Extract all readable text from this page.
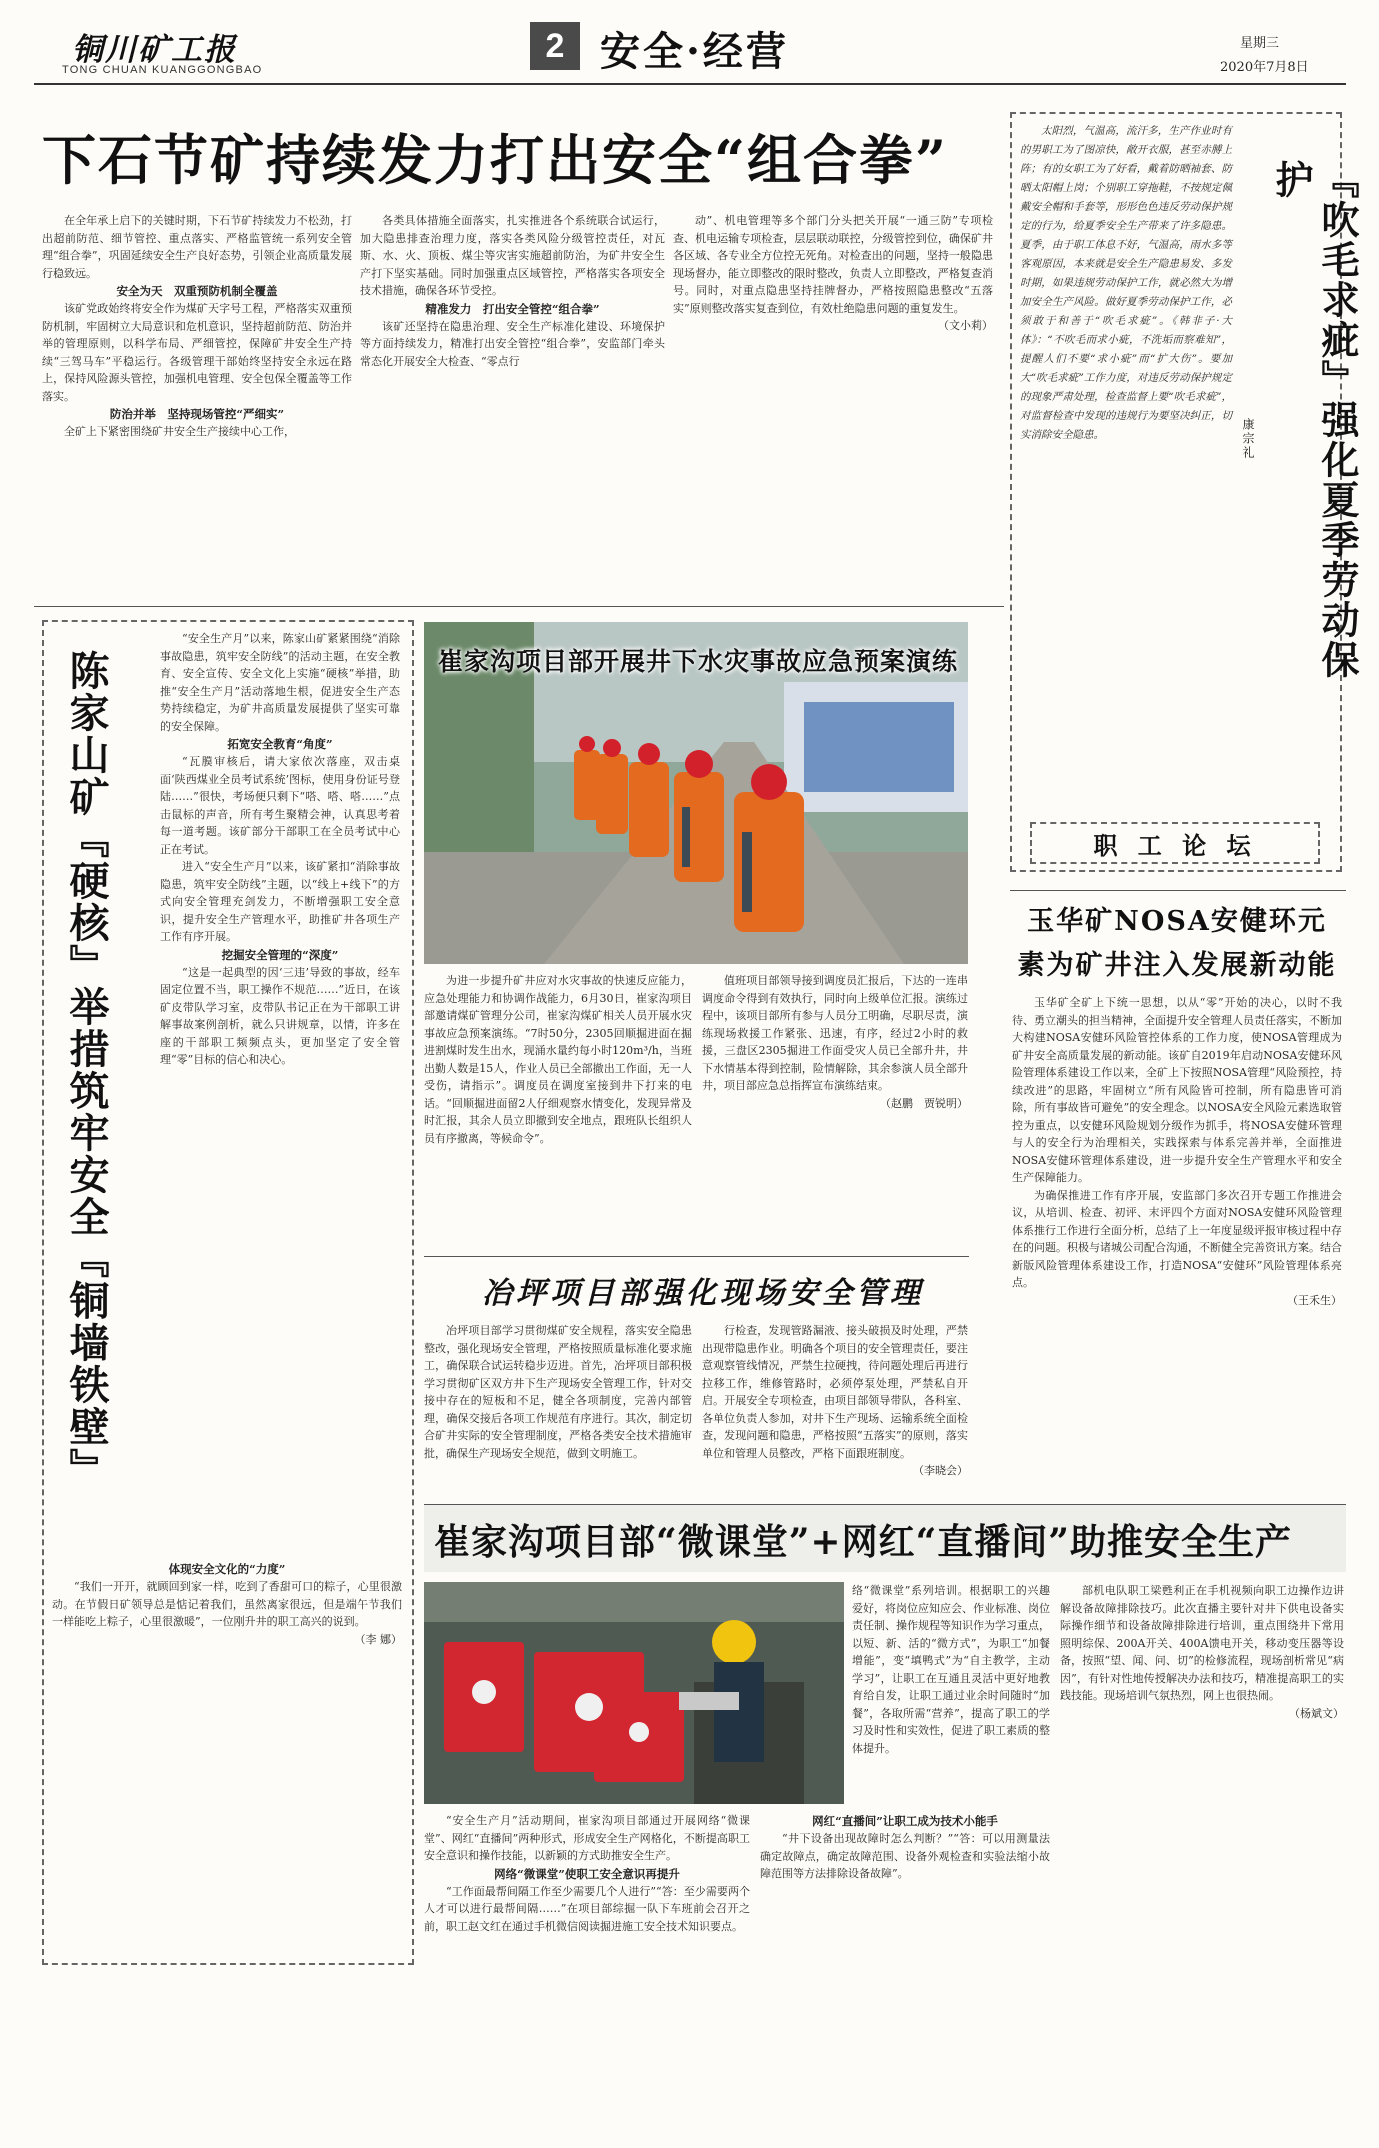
铜川矿工报
TONG CHUAN KUANGGONGBAO
2 安全·经营	星期三
2020年7月8日
下石节矿持续发力打出安全“组合拳”

在全年承上启下的关键时期，下石节矿持续发力不松劲，打出超前防范、细节管控、重点落实、严格监管统一系列安全管理“组合拳”，巩固延续安全生产良好态势，引领企业高质量发展行稳致远。

安全为天　双重预防机制全覆盖

该矿党政始终将安全作为煤矿天字号工程，严格落实双重预防机制，牢固树立大局意识和危机意识，坚持超前防范、防治并举的管理原则，以科学布局、严细管控，保障矿井安全生产持续“三驾马车”平稳运行。各级管理干部始终坚持安全永远在路上，保持风险源头管控，加强机电管理、安全包保全覆盖等工作落实。

防治并举　坚持现场管控“严细实”

全矿上下紧密围绕矿井安全生产接续中心工作，

各类具体措施全面落实，扎实推进各个系统联合试运行，加大隐患排查治理力度，落实各类风险分级管控责任，对瓦斯、水、火、顶板、煤尘等灾害实施超前防治，为矿井安全生产打下坚实基础。同时加强重点区域管控，严格落实各项安全技术措施，确保各环节受控。

精准发力　打出安全管控“组合拳”

该矿还坚持在隐患治理、安全生产标准化建设、环境保护等方面持续发力，精准打出安全管控“组合拳”，安监部门牵头常态化开展安全大检查、“零点行

动”、机电管理等多个部门分头把关开展“一通三防”专项检查、机电运输专项检查，层层联动联控，分级管控到位，确保矿井各区域、各专业全方位控无死角。对检查出的问题，坚持一般隐患现场督办，能立即整改的限时整改，负责人立即整改，严格复查消号。同时，对重点隐患坚持挂牌督办，严格按照隐患整改“五落实”原则整改落实复查到位，有效杜绝隐患问题的重复发生。

（文小莉）	『吹毛求疵』强化夏季劳动保护
康宗礼

太阳烈，气温高，流汗多，生产作业时有的男职工为了图凉快，敞开衣服，甚至赤膊上阵；有的女职工为了好看，戴着防晒袖套、防晒太阳帽上岗；个别职工穿拖鞋，不按规定佩戴安全帽和手套等，形形色色违反劳动保护规定的行为，给夏季安全生产带来了许多隐患。夏季，由于职工体息不好，气温高，雨水多等客观原因，本来就是安全生产隐患易发、多发时期，如果违规劳动保护工作，就必然大为增加安全生产风险。做好夏季劳动保护工作，必须敢于和善于“吹毛求疵”。《韩非子·大体》：“不吹毛而求小疵，不洗垢而察难知”，提醒人们不要“求小疵”而“扩大伤”。要加大“吹毛求疵”工作力度，对违反劳动保护规定的现象严肃处理，检查监督上要“吹毛求疵”，对监督检查中发现的违规行为要坚决纠正，切实消除安全隐患。

职 工 论 坛
陈家山矿『硬核』举措筑牢安全『铜墙铁壁』

“安全生产月”以来，陈家山矿紧紧围绕“消除事故隐患，筑牢安全防线”的活动主题，在安全教育、安全宣传、安全文化上实施“硬核”举措，助推“安全生产月”活动落地生根，促进安全生产态势持续稳定，为矿井高质量发展提供了坚实可靠的安全保障。

拓宽安全教育“角度”

“瓦膜审核后，请大家依次落座，双击桌面‘陕西煤业全员考试系统’图标，使用身份证号登陆……”很快，考场便只剩下“嗒、嗒、嗒……”点击鼠标的声音，所有考生聚精会神，认真思考着每一道考题。该矿部分干部职工在全员考试中心正在考试。

进入“安全生产月”以来，该矿紧扣“消除事故隐患，筑牢安全防线”主题，以“线上+线下”的方式向安全管理充剑发力，不断增强职工安全意识，提升安全生产管理水平，助推矿井各项生产工作有序开展。

挖掘安全管理的“深度”

“这是一起典型的因‘三违’导致的事故，经车固定位置不当，职工操作不规范……”近日，在该矿皮带队学习室，皮带队书记正在为干部职工讲解事故案例剖析，就么只讲规章，以情，许多在座的干部职工频频点头，更加坚定了安全管理“零”目标的信心和决心。

体现安全文化的“力度”

“我们一开开，就顾回到家一样，吃到了香甜可口的粽子，心里很激动。在节假日矿领导总是惦记着我们，虽然离家很远，但是端午节我们一样能吃上粽子，心里很激暖”，一位刚升井的职工高兴的说到。

（李 娜）

崔家沟项目部开展井下水灾事故应急预案演练

为进一步提升矿井应对水灾事故的快速反应能力，应急处理能力和协调作战能力，6月30日，崔家沟项目部邀请煤矿管理分公司，崔家沟煤矿相关人员开展水灾事故应急预案演练。“7时50分，2305回顺掘进面在掘进割煤时发生出水，现涌水量约每小时120m³/h，当班出勤人数是15人，作业人员已全部撤出工作面，无一人受伤，请指示”。调度员在调度室接到井下打来的电话。“回顺掘进面留2人仔细观察水情变化，发现异常及时汇报，其余人员立即撤到安全地点，跟班队长组织人员有序撤离，等候命令”。

值班项目部领导接到调度员汇报后，下达的一连串调度命令得到有效执行，同时向上级单位汇报。演练过程中，该项目部所有参与人员分工明确，尽职尽责，演练现场救援工作紧张、迅速，有序，经过2小时的救援，三盘区2305掘进工作面受灾人员已全部升井，井下水情基本得到控制，险情解除，其余参演人员全部升井，项目部应急总指挥宣布演练结束。

（赵鹏　贾锐明）

冶坪项目部强化现场安全管理

冶坪项目部学习贯彻煤矿安全规程，落实安全隐患整改，强化现场安全管理，严格按照质量标准化要求施工，确保联合试运转稳步迈进。首先，冶坪项目部积极学习贯彻矿区双方井下生产现场安全管理工作，针对交接中存在的短板和不足，健全各项制度，完善内部管理，确保交接后各项工作规范有序进行。其次，制定切合矿井实际的安全管理制度，严格各类安全技术措施审批，确保生产现场安全规范，做到文明施工。

行检查，发现管路漏液、接头破损及时处理，严禁出现带隐患作业。明确各个项目的安全管理责任，要注意观察管线情况，严禁生拉硬拽，待问题处理后再进行拉移工作，维修管路时，必须停泵处理，严禁私自开启。开展安全专项检查，由项目部领导带队，各科室、各单位负责人参加，对井下生产现场、运输系统全面检查，发现问题和隐患，严格按照“五落实”的原则，落实单位和管理人员整改，严格下面跟班制度。

（李晓会）

玉华矿NOSA安健环元素为矿井注入发展新动能

玉华矿全矿上下统一思想，以从“零”开始的决心，以时不我待、勇立潮头的担当精神，全面提升安全管理人员责任落实，不断加大构建NOSA安健环风险管控体系的工作力度，使NOSA管理成为矿井安全高质量发展的新动能。该矿自2019年启动NOSA安健环风险管理体系建设工作以来，全矿上下按照NOSA管理“风险预控，持续改进”的思路，牢固树立“所有风险皆可控制，所有隐患皆可消除，所有事故皆可避免”的安全理念。以NOSA安全风险元素选取管控为重点，以安健环风险规划分级作为抓手，将NOSA安健环管理与人的安全行为治理相关，实践探索与体系完善并举，全面推进NOSA安健环管理体系建设，进一步提升安全生产管理水平和安全生产保障能力。

为确保推进工作有序开展，安监部门多次召开专题工作推进会议，从培训、检查、初评、末评四个方面对NOSA安健环风险管理体系推行工作进行全面分析，总结了上一年度显级评报审核过程中存在的问题。积极与诸城公司配合沟通，不断健全完善资讯方案。结合新版风险管理体系建设工作，打造NOSA“安健环”风险管理体系亮点。

（王禾生）

崔家沟项目部“微课堂”+网红“直播间”助推安全生产

“安全生产月”活动期间，崔家沟项目部通过开展网络“微课堂”、网红“直播间”两种形式，形成安全生产网格化，不断提高职工安全意识和操作技能，以新颖的方式助推安全生产。

网络“微课堂”使职工安全意识再提升

“工作面最帮间隔工作至少需要几个人进行”“答：至少需要两个人才可以进行最帮间隔……”在项目部综掘一队下车班前会召开之前，职工赵文红在通过手机微信阅读掘进施工安全技术知识要点。

络“微课堂”系列培训。根据职工的兴趣爱好，将岗位应知应会、作业标准、岗位责任制、操作规程等知识作为学习重点，以短、新、活的“微方式”，为职工“加餐增能”，变“填鸭式”为“自主教学，主动学习”，让职工在互通且灵活中更好地教育给自发，让职工通过业余时间随时“加餐”，各取所需“营养”，提高了职工的学习及时性和实效性，促进了职工素质的整体提升。

网红“直播间”让职工成为技术小能手

“井下设备出现故障时怎么判断？”“答：可以用测量法确定故障点，确定故障范围、设备外观检查和实验法缩小故障范围等方法排除设备故障”。

部机电队职工梁甦利正在手机视频向职工边操作边讲解设备故障排除技巧。此次直播主要针对井下供电设备实际操作细节和设备故障排除进行培训，重点围绕井下常用照明综保、200A开关、400A馈电开关，移动变压器等设备，按照“望、闻、问、切”的检修流程，现场剖析常见“病因”，有针对性地传授解决办法和技巧，精准提高职工的实践技能。现场培训气氛热烈，网上也很热闹。

（杨斌文）
